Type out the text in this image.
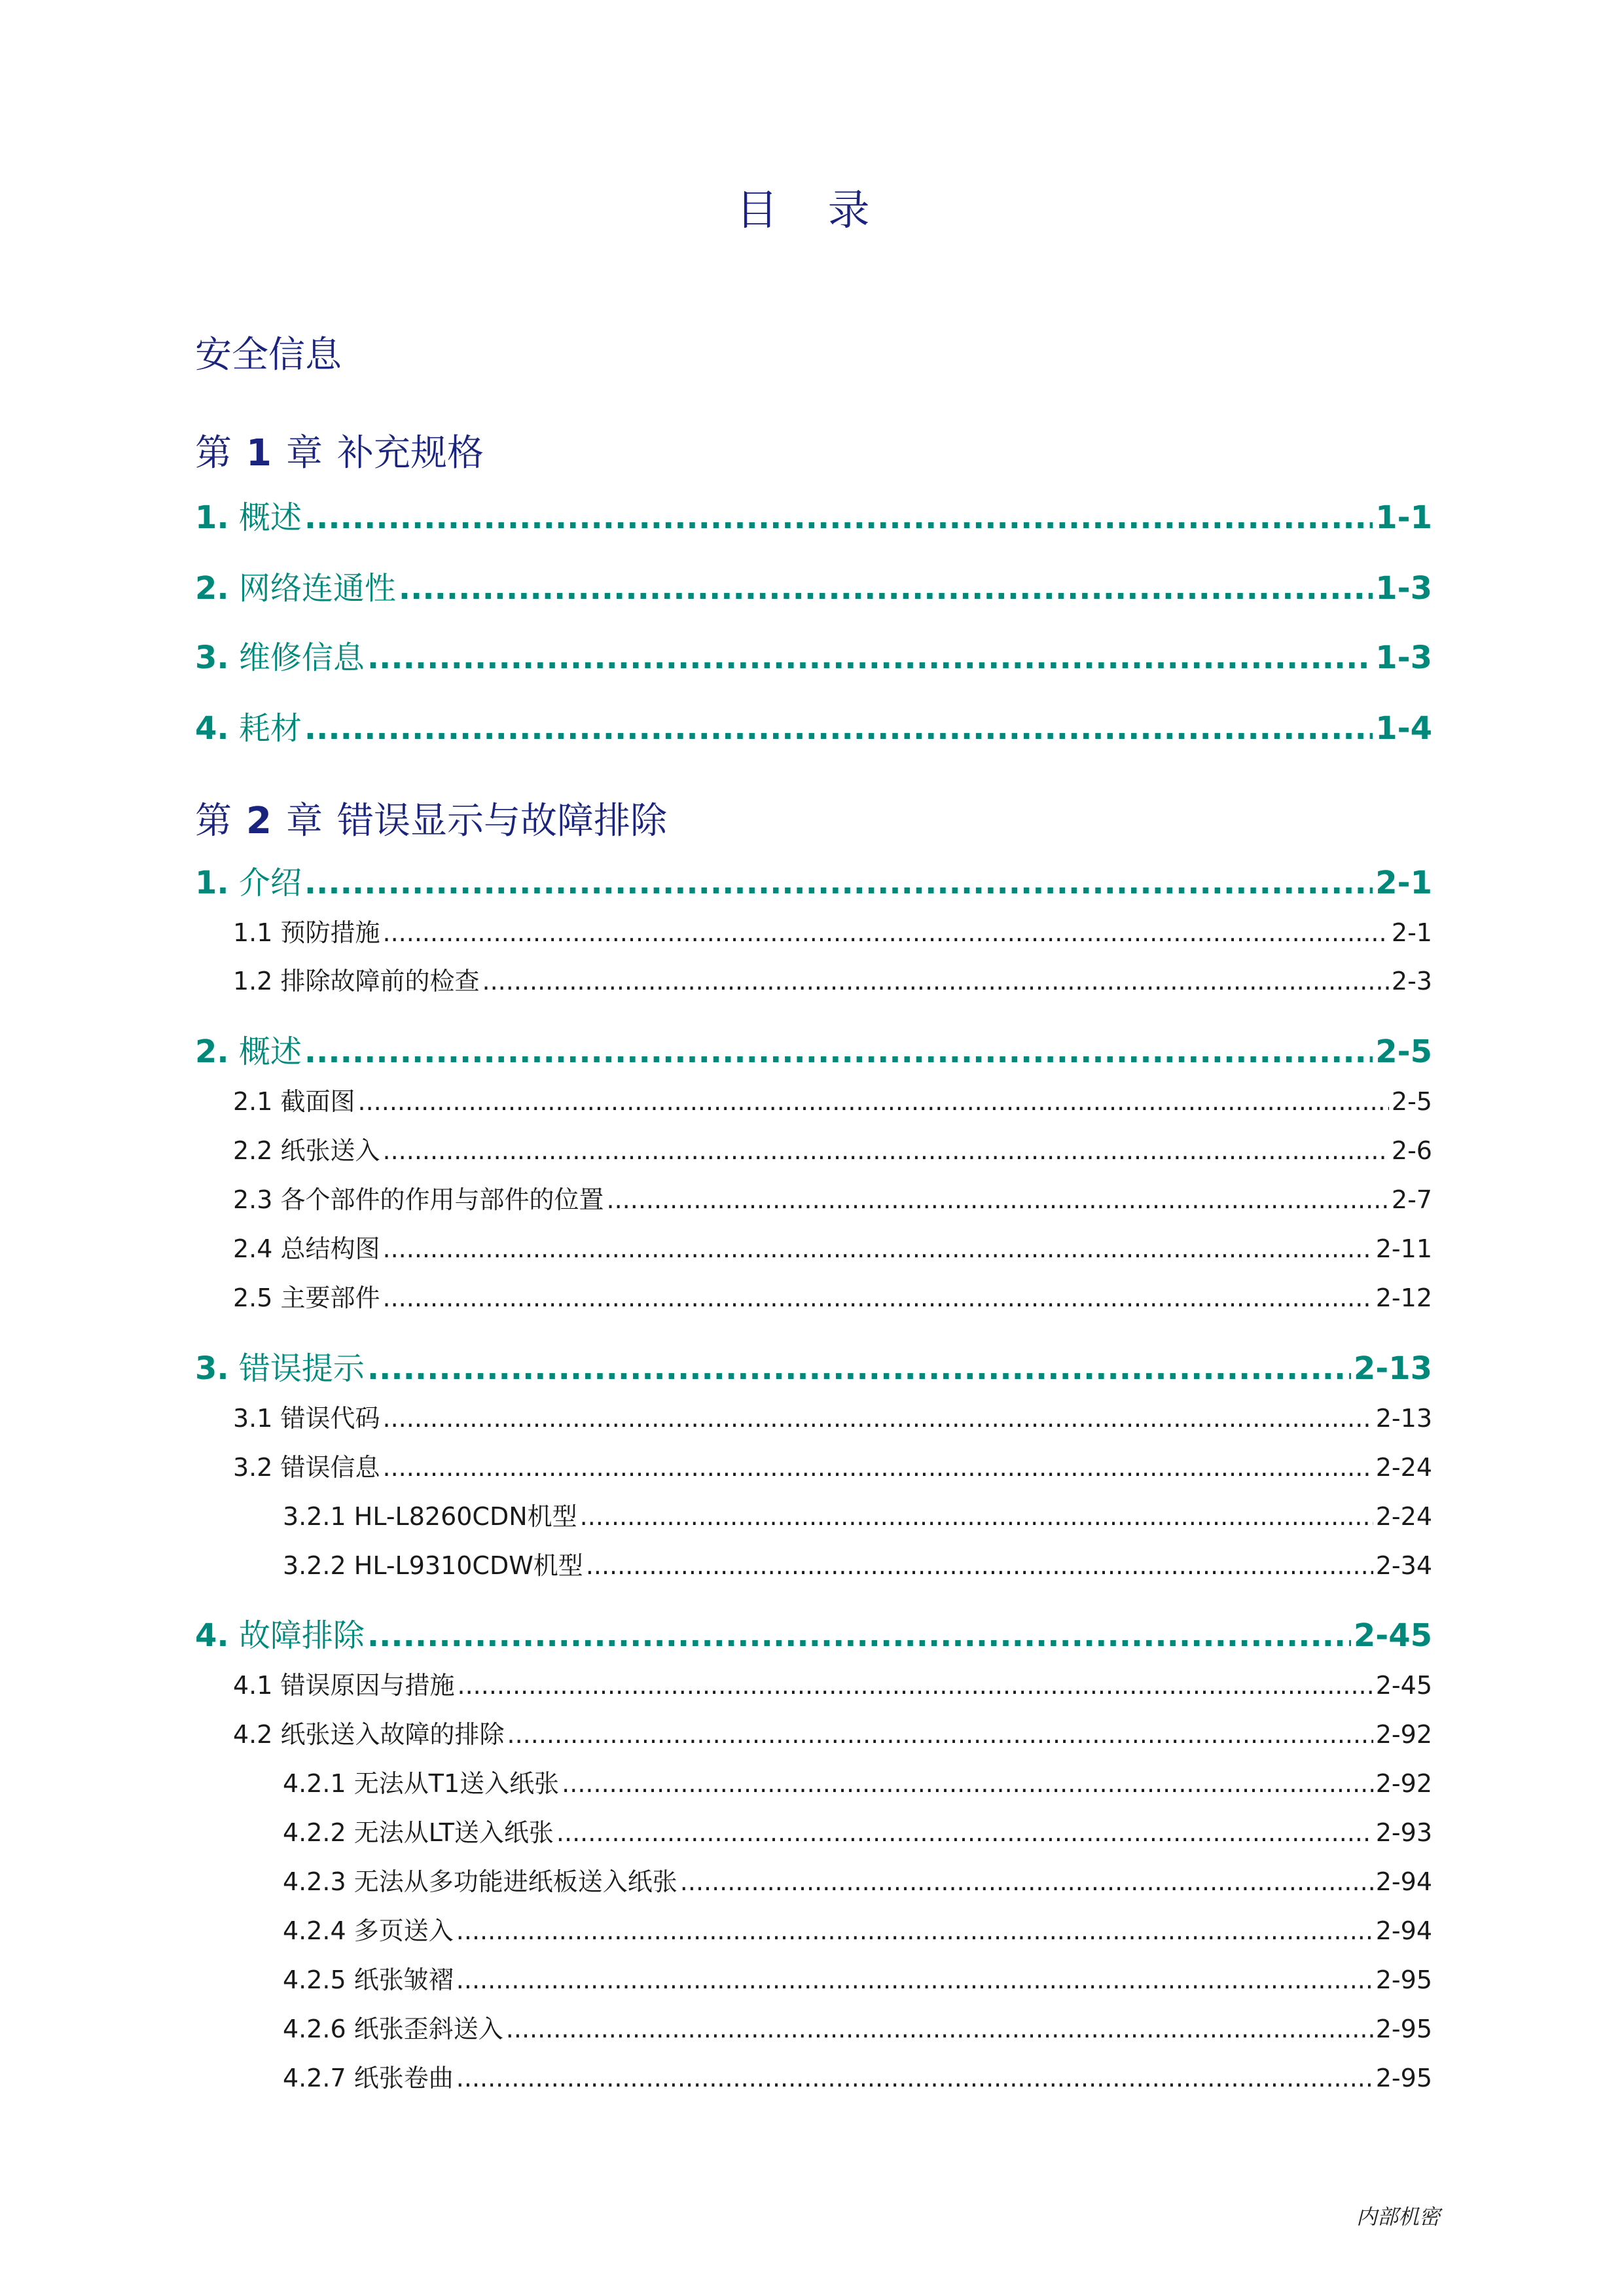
目 录
安全信息
第 1 章 补充规格
1. 概述 .....	1-1
2. 网络连通性 .....	1-3
3. 维修信息 .....	1-3
4. 耗材 .....	1-4
第 2 章 错误显示与故障排除
1. 介绍 .....	2-1
1.1 预防措施 .....	2-1
1.2 排除故障前的检查 .....	2-3
2. 概述 .....	2-5
2.1 截面图 .....	2-5
2.2 纸张送入 .....	2-6
2.3 各个部件的作用与部件的位置 .....	2-7
2.4 总结构图 .....	2-11
2.5 主要部件 .....	2-12
3. 错误提示 .....	2-13
3.1 错误代码 .....	2-13
3.2 错误信息 .....	2-24
3.2.1 HL-L8260CDN机型 .....	2-24
3.2.2 HL-L9310CDW机型 .....	2-34
4. 故障排除 .....	2-45
4.1 错误原因与措施 .....	2-45
4.2 纸张送入故障的排除 .....	2-92
4.2.1 无法从T1送入纸张 .....	2-92
4.2.2 无法从LT送入纸张 .....	2-93
4.2.3 无法从多功能进纸板送入纸张 .....	2-94
4.2.4 多页送入 .....	2-94
4.2.5 纸张皱褶 .....	2-95
4.2.6 纸张歪斜送入 .....	2-95
4.2.7 纸张卷曲 .....	2-95
内部机密
